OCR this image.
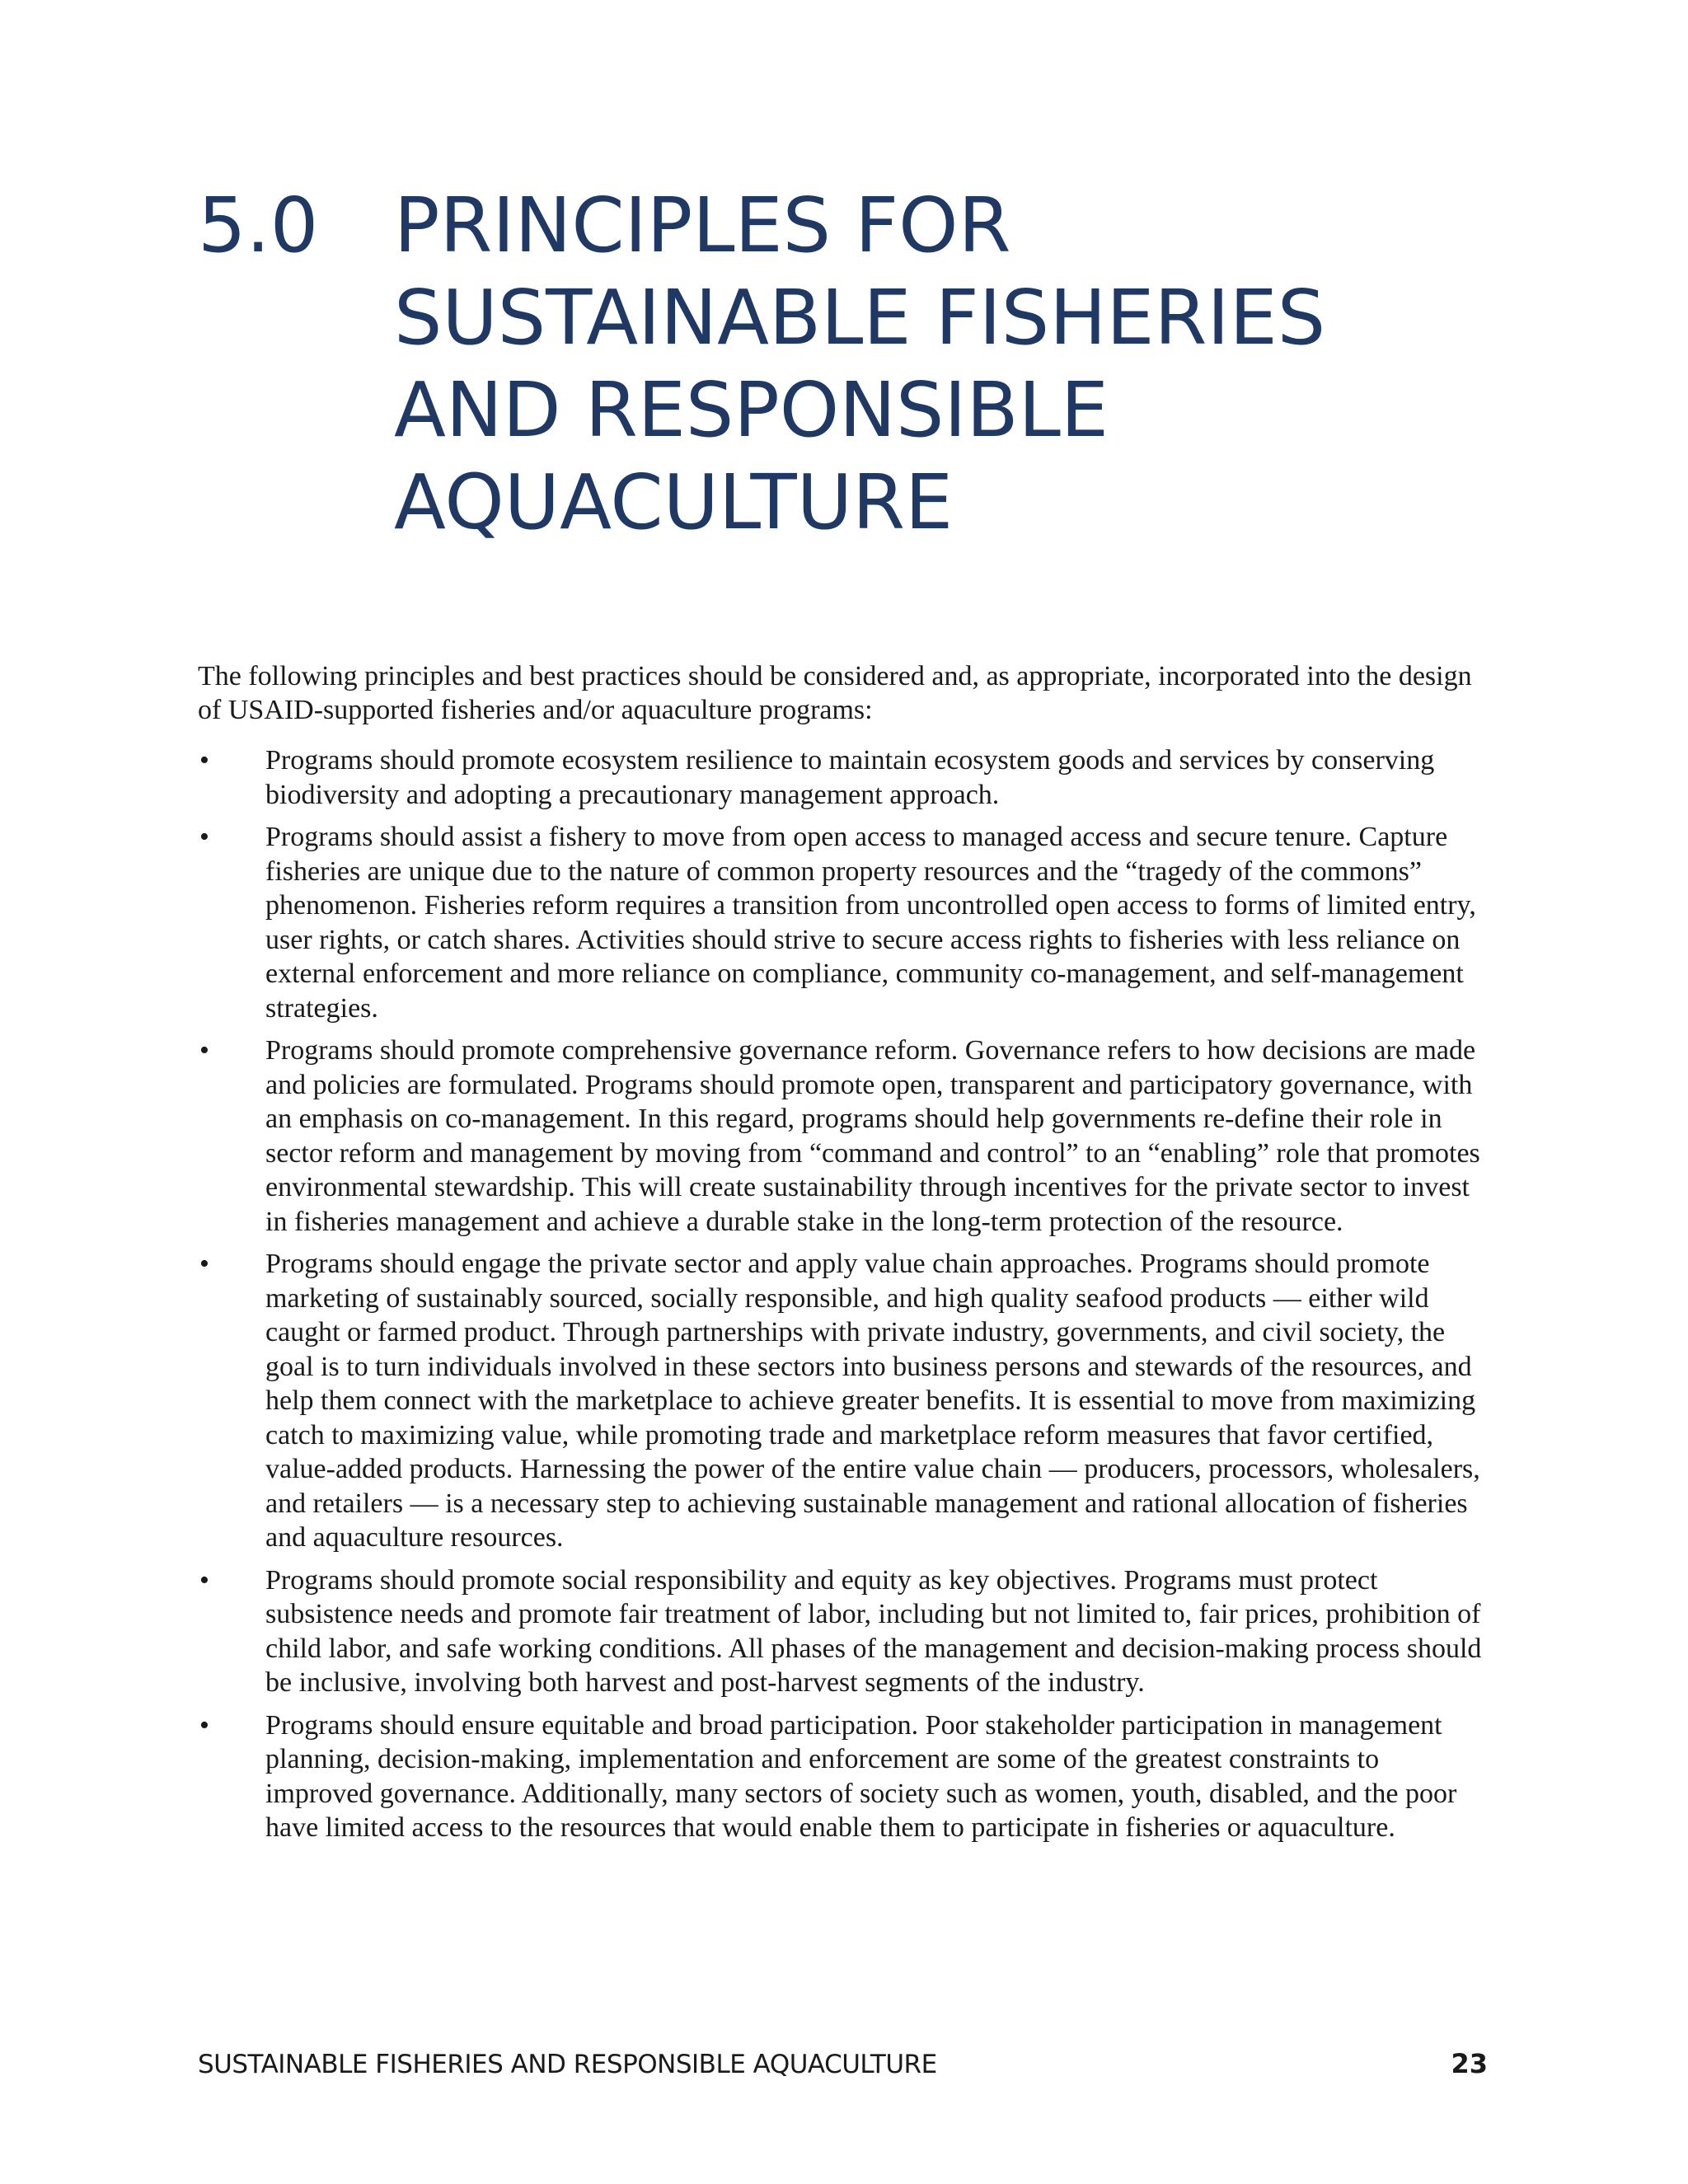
5.0 PRINCIPLES FOR
SUSTAINABLE FISHERIES
AND RESPONSIBLE
AQUACULTURE

The following principles and best practices should be considered and, as appropriate, incorporated into the design of USAID-supported fisheries and/or aquaculture programs:

•	Programs should promote ecosystem resilience to maintain ecosystem goods and services by conserving biodiversity and adopting a precautionary management approach.
•	Programs should assist a fishery to move from open access to managed access and secure tenure. Capture fisheries are unique due to the nature of common property resources and the “tragedy of the commons” phenomenon. Fisheries reform requires a transition from uncontrolled open access to forms of limited entry, user rights, or catch shares. Activities should strive to secure access rights to fisheries with less reliance on external enforcement and more reliance on compliance, community co-management, and self-management strategies.
•	Programs should promote comprehensive governance reform. Governance refers to how decisions are made and policies are formulated. Programs should promote open, transparent and participatory governance, with an emphasis on co-management. In this regard, programs should help governments re-define their role in sector reform and management by moving from “command and control” to an “enabling” role that promotes environmental stewardship. This will create sustainability through incentives for the private sector to invest in fisheries management and achieve a durable stake in the long-term protection of the resource.
•	Programs should engage the private sector and apply value chain approaches. Programs should promote marketing of sustainably sourced, socially responsible, and high quality seafood products — either wild caught or farmed product. Through partnerships with private industry, governments, and civil society, the goal is to turn individuals involved in these sectors into business persons and stewards of the resources, and help them connect with the marketplace to achieve greater benefits. It is essential to move from maximizing catch to maximizing value, while promoting trade and marketplace reform measures that favor certified, value-added products. Harnessing the power of the entire value chain — producers, processors, wholesalers, and retailers — is a necessary step to achieving sustainable management and rational allocation of fisheries and aquaculture resources.
•	Programs should promote social responsibility and equity as key objectives. Programs must protect subsistence needs and promote fair treatment of labor, including but not limited to, fair prices, prohibition of child labor, and safe working conditions. All phases of the management and decision-making process should be inclusive, involving both harvest and post-harvest segments of the industry.
•	Programs should ensure equitable and broad participation. Poor stakeholder participation in management planning, decision-making, implementation and enforcement are some of the greatest constraints to improved governance. Additionally, many sectors of society such as women, youth, disabled, and the poor have limited access to the resources that would enable them to participate in fisheries or aquaculture.
SUSTAINABLE FISHERIES AND RESPONSIBLE AQUACULTURE	23
